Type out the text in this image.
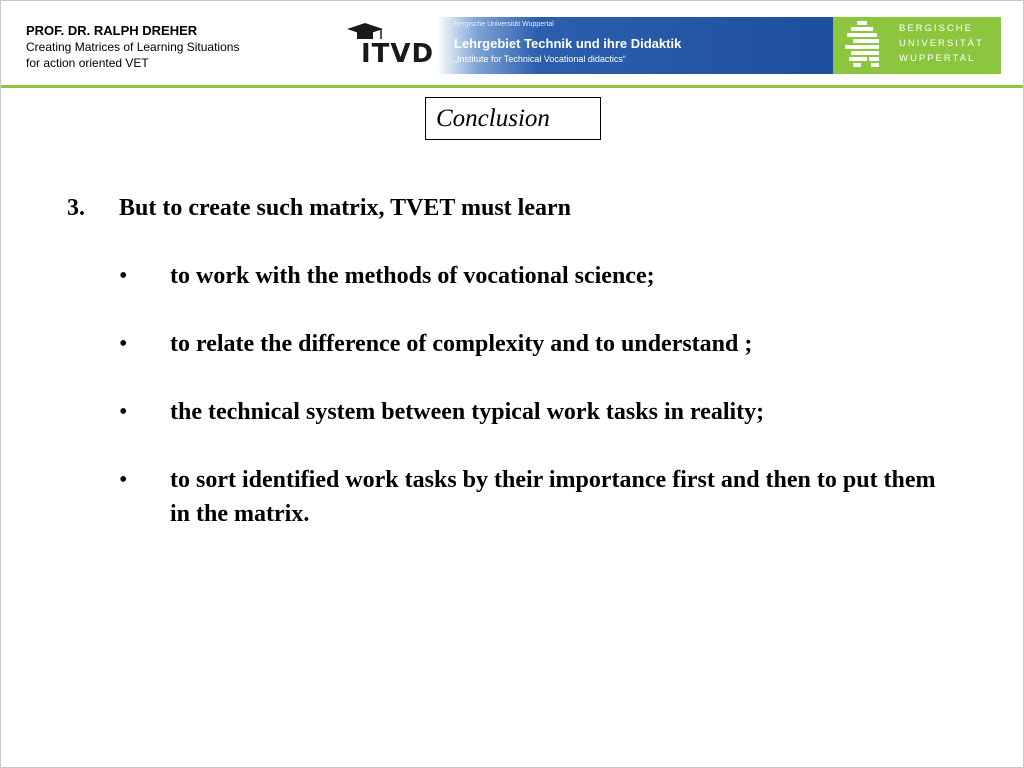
PROF. DR. RALPH DREHER
Creating Matrices of Learning Situations
for action oriented VET	ITVD
Bergische Universität Wuppertal
Lehrgebiet Technik und ihre Didaktik
„Institute for Technical Vocational didactics“
BERGISCHE
UNIVERSITÄT
WUPPERTAL
Conclusion
3. But to create such matrix, TVET must learn
• to work with the methods of vocational science;
• to relate the difference of complexity and to understand ;
• the technical system between typical work tasks in reality;
• to sort identified work tasks by their importance first and then to put them in the matrix.
